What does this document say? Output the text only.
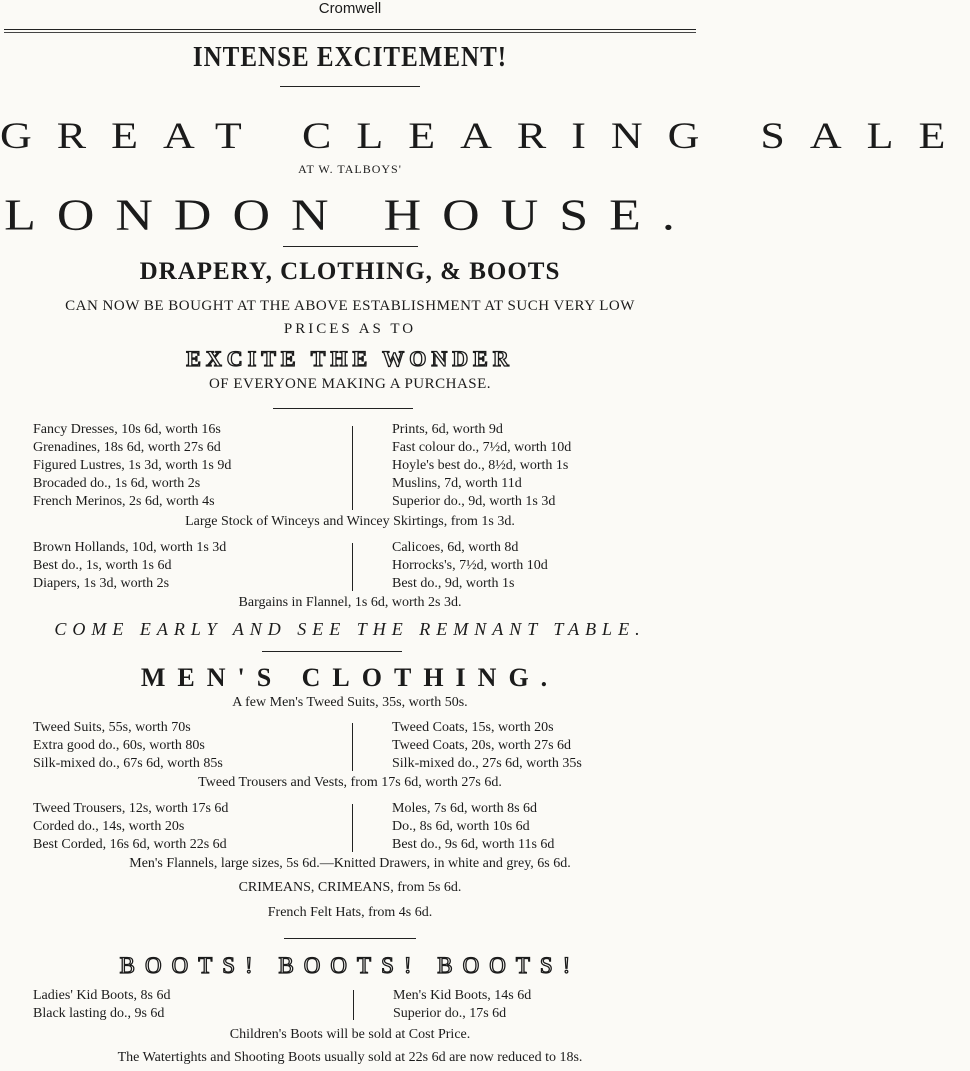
Cromwell
INTENSE EXCITEMENT!
GREAT CLEARING SALE
AT W. TALBOYS'
LONDON HOUSE.
DRAPERY, CLOTHING, & BOOTS
CAN NOW BE BOUGHT AT THE ABOVE ESTABLISHMENT AT SUCH VERY LOW
PRICES AS TO
EXCITE THE WONDER
OF EVERYONE MAKING A PURCHASE.
Fancy Dresses, 10s 6d, worth 16s
Grenadines, 18s 6d, worth 27s 6d
Figured Lustres, 1s 3d, worth 1s 9d
Brocaded do., 1s 6d, worth 2s
French Merinos, 2s 6d, worth 4s
Prints, 6d, worth 9d
Fast colour do., 7½d, worth 10d
Hoyle's best do., 8½d, worth 1s
Muslins, 7d, worth 11d
Superior do., 9d, worth 1s 3d
Large Stock of Winceys and Wincey Skirtings, from 1s 3d.
Brown Hollands, 10d, worth 1s 3d
Best do., 1s, worth 1s 6d
Diapers, 1s 3d, worth 2s
Calicoes, 6d, worth 8d
Horrocks's, 7½d, worth 10d
Best do., 9d, worth 1s
Bargains in Flannel, 1s 6d, worth 2s 3d.
COME EARLY AND SEE THE REMNANT TABLE.
MEN'S CLOTHING.
A few Men's Tweed Suits, 35s, worth 50s.
Tweed Suits, 55s, worth 70s
Extra good do., 60s, worth 80s
Silk-mixed do., 67s 6d, worth 85s
Tweed Coats, 15s, worth 20s
Tweed Coats, 20s, worth 27s 6d
Silk-mixed do., 27s 6d, worth 35s
Tweed Trousers and Vests, from 17s 6d, worth 27s 6d.
Tweed Trousers, 12s, worth 17s 6d
Corded do., 14s, worth 20s
Best Corded, 16s 6d, worth 22s 6d
Moles, 7s 6d, worth 8s 6d
Do., 8s 6d, worth 10s 6d
Best do., 9s 6d, worth 11s 6d
Men's Flannels, large sizes, 5s 6d.—Knitted Drawers, in white and grey, 6s 6d.
CRIMEANS, CRIMEANS, from 5s 6d.
French Felt Hats, from 4s 6d.
BOOTS! BOOTS! BOOTS!
Ladies' Kid Boots, 8s 6d
Black lasting do., 9s 6d
Men's Kid Boots, 14s 6d
Superior do., 17s 6d
Children's Boots will be sold at Cost Price.
The Watertights and Shooting Boots usually sold at 22s 6d are now reduced to 18s.
